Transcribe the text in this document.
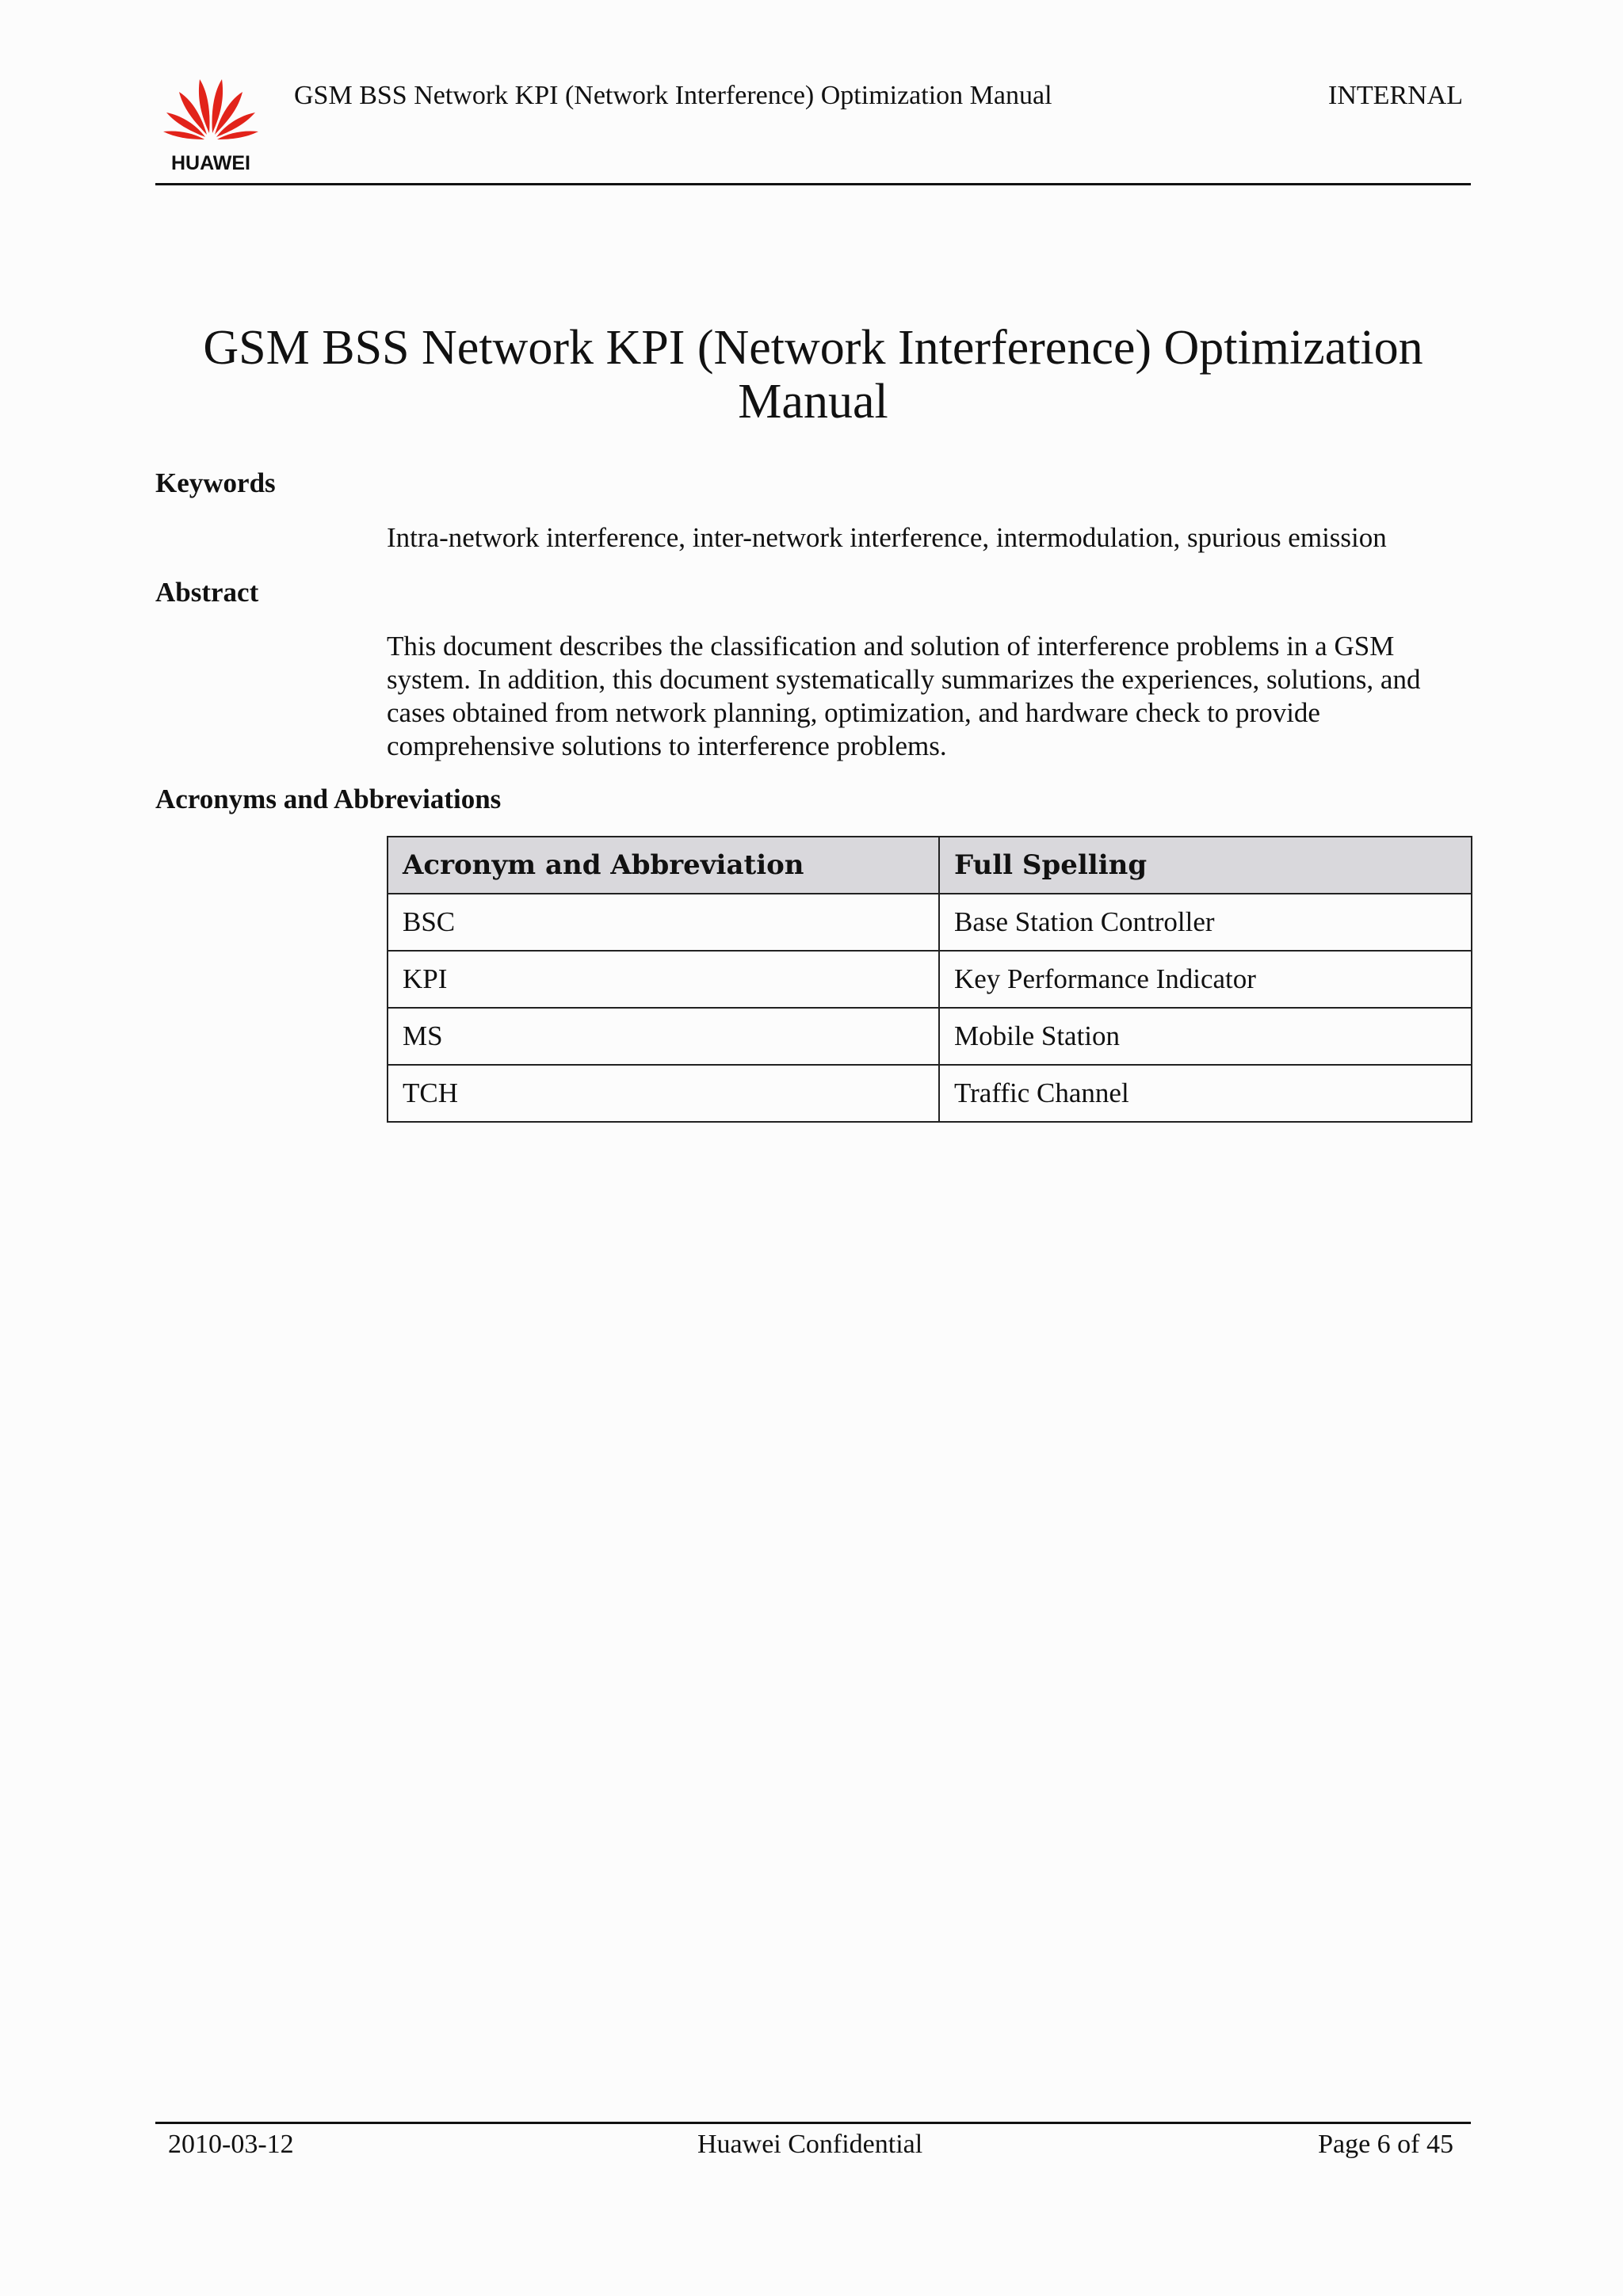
HUAWEI
GSM BSS Network KPI (Network Interference) Optimization Manual	INTERNAL
GSM BSS Network KPI (Network Interference) Optimization
Manual
Keywords

Intra-network interference, inter-network interference, intermodulation, spurious emission

Abstract

This document describes the classification and solution of interference problems in a GSM
system. In addition, this document systematically summarizes the experiences, solutions, and
cases obtained from network planning, optimization, and hardware check to provide
comprehensive solutions to interference problems.

Acronyms and Abbreviations
Acronym and Abbreviation	Full Spelling
BSC	Base Station Controller
KPI	Key Performance Indicator
MS	Mobile Station
TCH	Traffic Channel
2010-03-12	Huawei Confidential	Page 6 of 45
